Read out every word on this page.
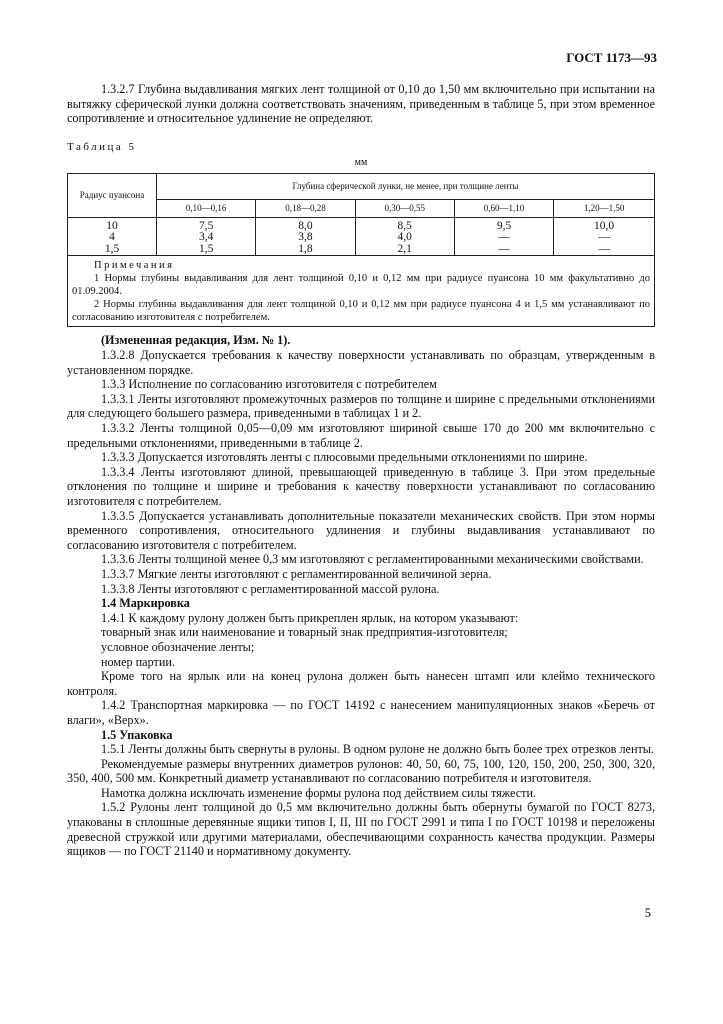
ГОСТ 1173—93

1.3.2.7 Глубина выдавливания мягких лент толщиной от 0,10 до 1,50 мм включительно при испытании на вытяжку сферической лунки должна соответствовать значениям, приведенным в таблице 5, при этом временное сопротивление и относительное удлинение не определяют.

Таблица 5

мм

Радиус пуансона	Глубина сферической лунки, не менее, при толщине ленты				
	0,10—0,16	0,18—0,28	0,30—0,55	0,60—1,10	1,20—1,50
10	7,5	8,0	8,5	9,5	10,0
4	3,4	3,8	4,0	—	—
1,5	1,5	1,8	2,1	—	—

Примечания
1 Нормы глубины выдавливания для лент толщиной 0,10 и 0,12 мм при радиусе пуансона 10 мм факультативно до 01.09.2004.
2 Нормы глубины выдавливания для лент толщиной 0,10 и 0,12 мм при радиусе пуансона 4 и 1,5 мм устанавливают по согласованию изготовителя с потребителем.					

(Измененная редакция, Изм. № 1).

1.3.2.8 Допускается требования к качеству поверхности устанавливать по образцам, утвержденным в установленном порядке.

1.3.3 Исполнение по согласованию изготовителя с потребителем

1.3.3.1 Ленты изготовляют промежуточных размеров по толщине и ширине с предельными отклонениями для следующего большего размера, приведенными в таблицах 1 и 2.

1.3.3.2 Ленты толщиной 0,05—0,09 мм изготовляют шириной свыше 170 до 200 мм включительно с предельными отклонениями, приведенными в таблице 2.

1.3.3.3 Допускается изготовлять ленты с плюсовыми предельными отклонениями по ширине.

1.3.3.4 Ленты изготовляют длиной, превышающей приведенную в таблице 3. При этом предельные отклонения по толщине и ширине и требования к качеству поверхности устанавливают по согласованию изготовителя с потребителем.

1.3.3.5 Допускается устанавливать дополнительные показатели механических свойств. При этом нормы временного сопротивления, относительного удлинения и глубины выдавливания устанавливают по согласованию изготовителя с потребителем.

1.3.3.6 Ленты толщиной менее 0,3 мм изготовляют с регламентированными механическими свойствами.

1.3.3.7 Мягкие ленты изготовляют с регламентированной величиной зерна.

1.3.3.8 Ленты изготовляют с регламентированной массой рулона.

1.4 Маркировка

1.4.1 К каждому рулону должен быть прикреплен ярлык, на котором указывают:

товарный знак или наименование и товарный знак предприятия-изготовителя;

условное обозначение ленты;

номер партии.

Кроме того на ярлык или на конец рулона должен быть нанесен штамп или клеймо технического контроля.

1.4.2 Транспортная маркировка — по ГОСТ 14192 с нанесением манипуляционных знаков «Беречь от влаги», «Верх».

1.5 Упаковка

1.5.1 Ленты должны быть свернуты в рулоны. В одном рулоне не должно быть более трех отрезков ленты.

Рекомендуемые размеры внутренних диаметров рулонов: 40, 50, 60, 75, 100, 120, 150, 200, 250, 300, 320, 350, 400, 500 мм. Конкретный диаметр устанавливают по согласованию потребителя и изготовителя.

Намотка должна исключать изменение формы рулона под действием силы тяжести.

1.5.2 Рулоны лент толщиной до 0,5 мм включительно должны быть обернуты бумагой по ГОСТ 8273, упакованы в сплошные деревянные ящики типов I, II, III по ГОСТ 2991 и типа I по ГОСТ 10198 и переложены древесной стружкой или другими материалами, обеспечивающими сохранность качества продукции. Размеры ящиков — по ГОСТ 21140 и нормативному документу.

5
